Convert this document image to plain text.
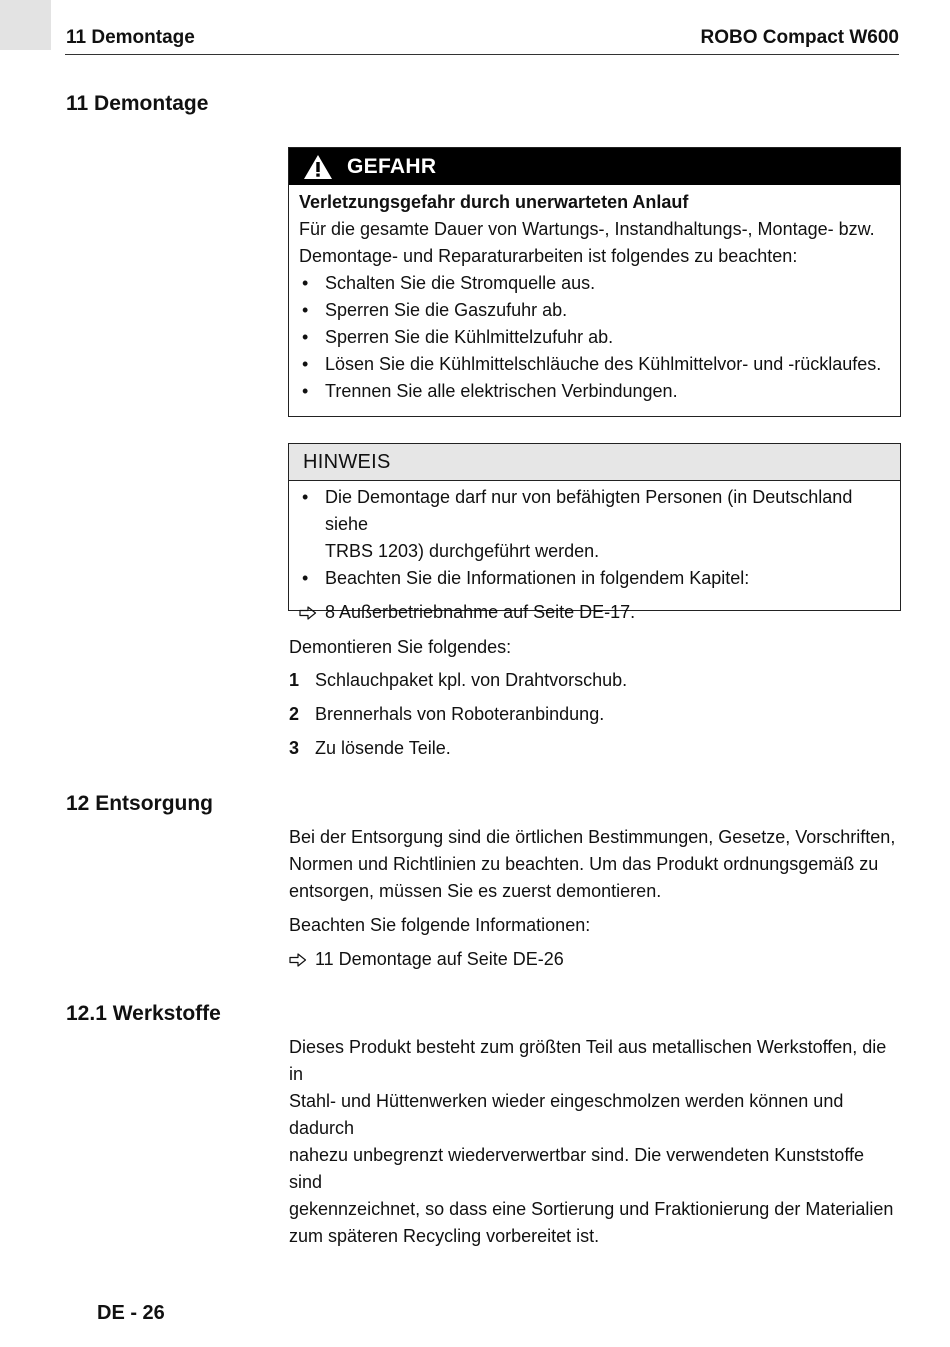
11 Demontage	ROBO Compact W600
11 Demontage
GEFAHR
Verletzungsgefahr durch unerwarteten Anlauf
Für die gesamte Dauer von Wartungs-, Instandhaltungs-, Montage- bzw.
Demontage- und Reparaturarbeiten ist folgendes zu beachten:
• Schalten Sie die Stromquelle aus.
• Sperren Sie die Gaszufuhr ab.
• Sperren Sie die Kühlmittelzufuhr ab.
• Lösen Sie die Kühlmittelschläuche des Kühlmittelvor- und -rücklaufes.
• Trennen Sie alle elektrischen Verbindungen.
HINWEIS
• Die Demontage darf nur von befähigten Personen (in Deutschland siehe
TRBS 1203) durchgeführt werden.
• Beachten Sie die Informationen in folgendem Kapitel:
8 Außerbetriebnahme auf Seite DE-17.
Demontieren Sie folgendes:
1 Schlauchpaket kpl. von Drahtvorschub.
2 Brennerhals von Roboteranbindung.
3 Zu lösende Teile.
12 Entsorgung
Bei der Entsorgung sind die örtlichen Bestimmungen, Gesetze, Vorschriften,
Normen und Richtlinien zu beachten. Um das Produkt ordnungsgemäß zu
entsorgen, müssen Sie es zuerst demontieren.
Beachten Sie folgende Informationen:
11 Demontage auf Seite DE-26
12.1 Werkstoffe
Dieses Produkt besteht zum größten Teil aus metallischen Werkstoffen, die in
Stahl- und Hüttenwerken wieder eingeschmolzen werden können und dadurch
nahezu unbegrenzt wiederverwertbar sind. Die verwendeten Kunststoffe sind
gekennzeichnet, so dass eine Sortierung und Fraktionierung der Materialien
zum späteren Recycling vorbereitet ist.
DE - 26
